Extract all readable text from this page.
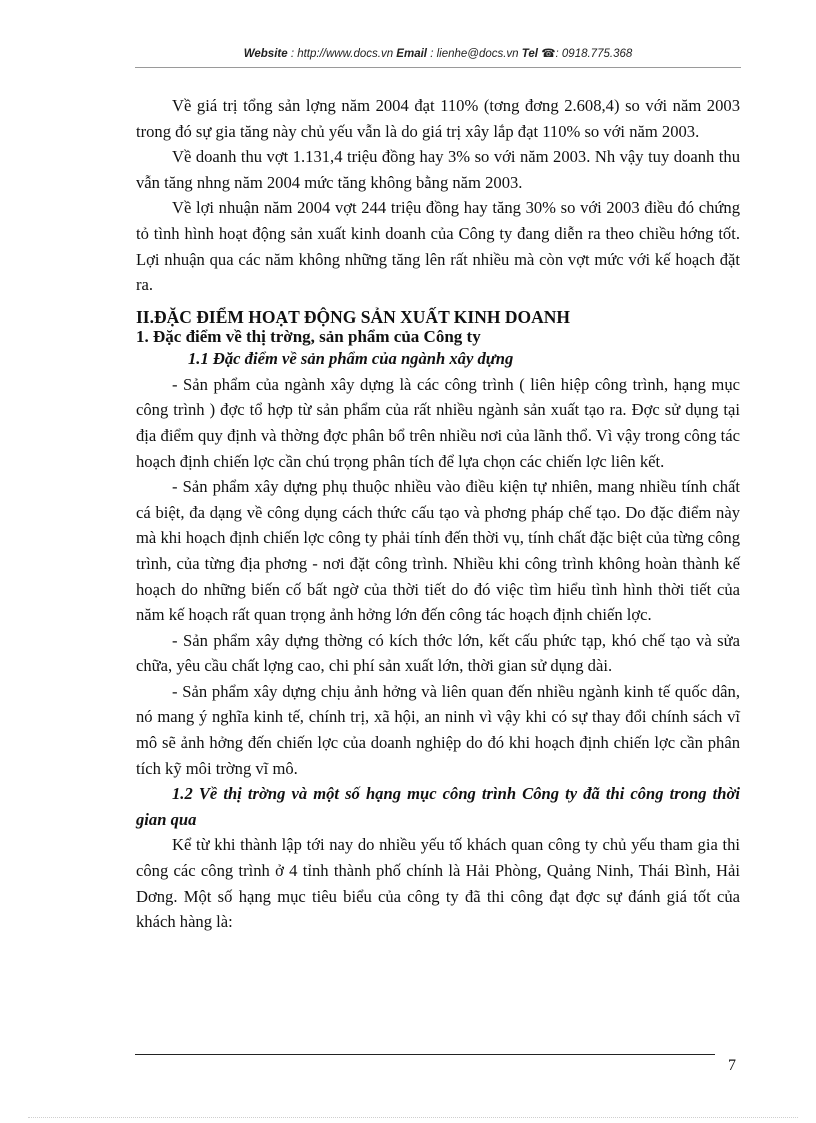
Website : http://www.docs.vn Email : lienhe@docs.vn Tel ☎: 0918.775.368

Về giá trị tổng sản lợng năm 2004 đạt 110% (tơng đơng 2.608,4) so với năm 2003 trong đó sự gia tăng này chủ yếu vẫn là do giá trị xây lắp đạt 110% so với năm 2003.

Về doanh thu vợt 1.131,4 triệu đồng hay 3% so với năm 2003. Nh vậy tuy doanh thu vẫn tăng nhng năm 2004 mức tăng không bằng năm 2003.

Về lợi nhuận năm 2004 vợt 244 triệu đồng hay tăng 30% so với 2003 điều đó chứng tỏ tình hình hoạt động sản xuất kinh doanh của Công ty đang diễn ra theo chiều hớng tốt. Lợi nhuận qua các năm không những tăng lên rất nhiều mà còn vợt mức với kế hoạch đặt ra.

II.ĐẶC ĐIỂM HOẠT ĐỘNG SẢN XUẤT KINH DOANH

1. Đặc điểm về thị trờng, sản phẩm của Công ty

1.1 Đặc điểm về sản phẩm của ngành xây dựng

- Sản phẩm của ngành xây dựng là các công trình ( liên hiệp công trình, hạng mục công trình ) đợc tổ hợp từ sản phẩm của rất nhiều ngành sản xuất tạo ra. Đợc sử dụng tại địa điểm quy định và thờng đợc phân bổ trên nhiều nơi của lãnh thổ. Vì vậy trong công tác hoạch định chiến lợc cần chú trọng phân tích để lựa chọn các chiến lợc liên kết.

- Sản phẩm xây dựng phụ thuộc nhiều vào điều kiện tự nhiên, mang nhiều tính chất cá biệt, đa dạng về công dụng cách thức cấu tạo và phơng pháp chế tạo. Do đặc điểm này mà khi hoạch định chiến lợc công ty phải tính đến thời vụ, tính chất đặc biệt của từng công trình, của từng địa phơng - nơi đặt công trình. Nhiều khi công trình không hoàn thành kế hoạch do những biến cố bất ngờ của thời tiết do đó việc tìm hiểu tình hình thời tiết của năm kế hoạch rất quan trọng ảnh hởng lớn đến công tác hoạch định chiến lợc.

- Sản phẩm xây dựng thờng có kích thớc lớn, kết cấu phức tạp, khó chế tạo và sửa chữa, yêu cầu chất lợng cao, chi phí sản xuất lớn, thời gian sử dụng dài.

- Sản phẩm xây dựng chịu ảnh hởng và liên quan đến nhiều ngành kinh tế quốc dân, nó mang ý nghĩa kinh tế, chính trị, xã hội, an ninh vì vậy khi có sự thay đổi chính sách vĩ mô sẽ ảnh hởng đến chiến lợc của doanh nghiệp do đó khi hoạch định chiến lợc cần phân tích kỹ môi trờng vĩ mô.

1.2 Về thị trờng và một số hạng mục công trình Công ty đã thi công trong thời gian qua

Kể từ khi thành lập tới nay do nhiều yếu tố khách quan công ty chủ yếu tham gia thi công các công trình ở 4 tỉnh thành phố chính là Hải Phòng, Quảng Ninh, Thái Bình, Hải Dơng. Một số hạng mục tiêu biểu của công ty đã thi công đạt đợc sự đánh giá tốt của khách hàng là:

7
